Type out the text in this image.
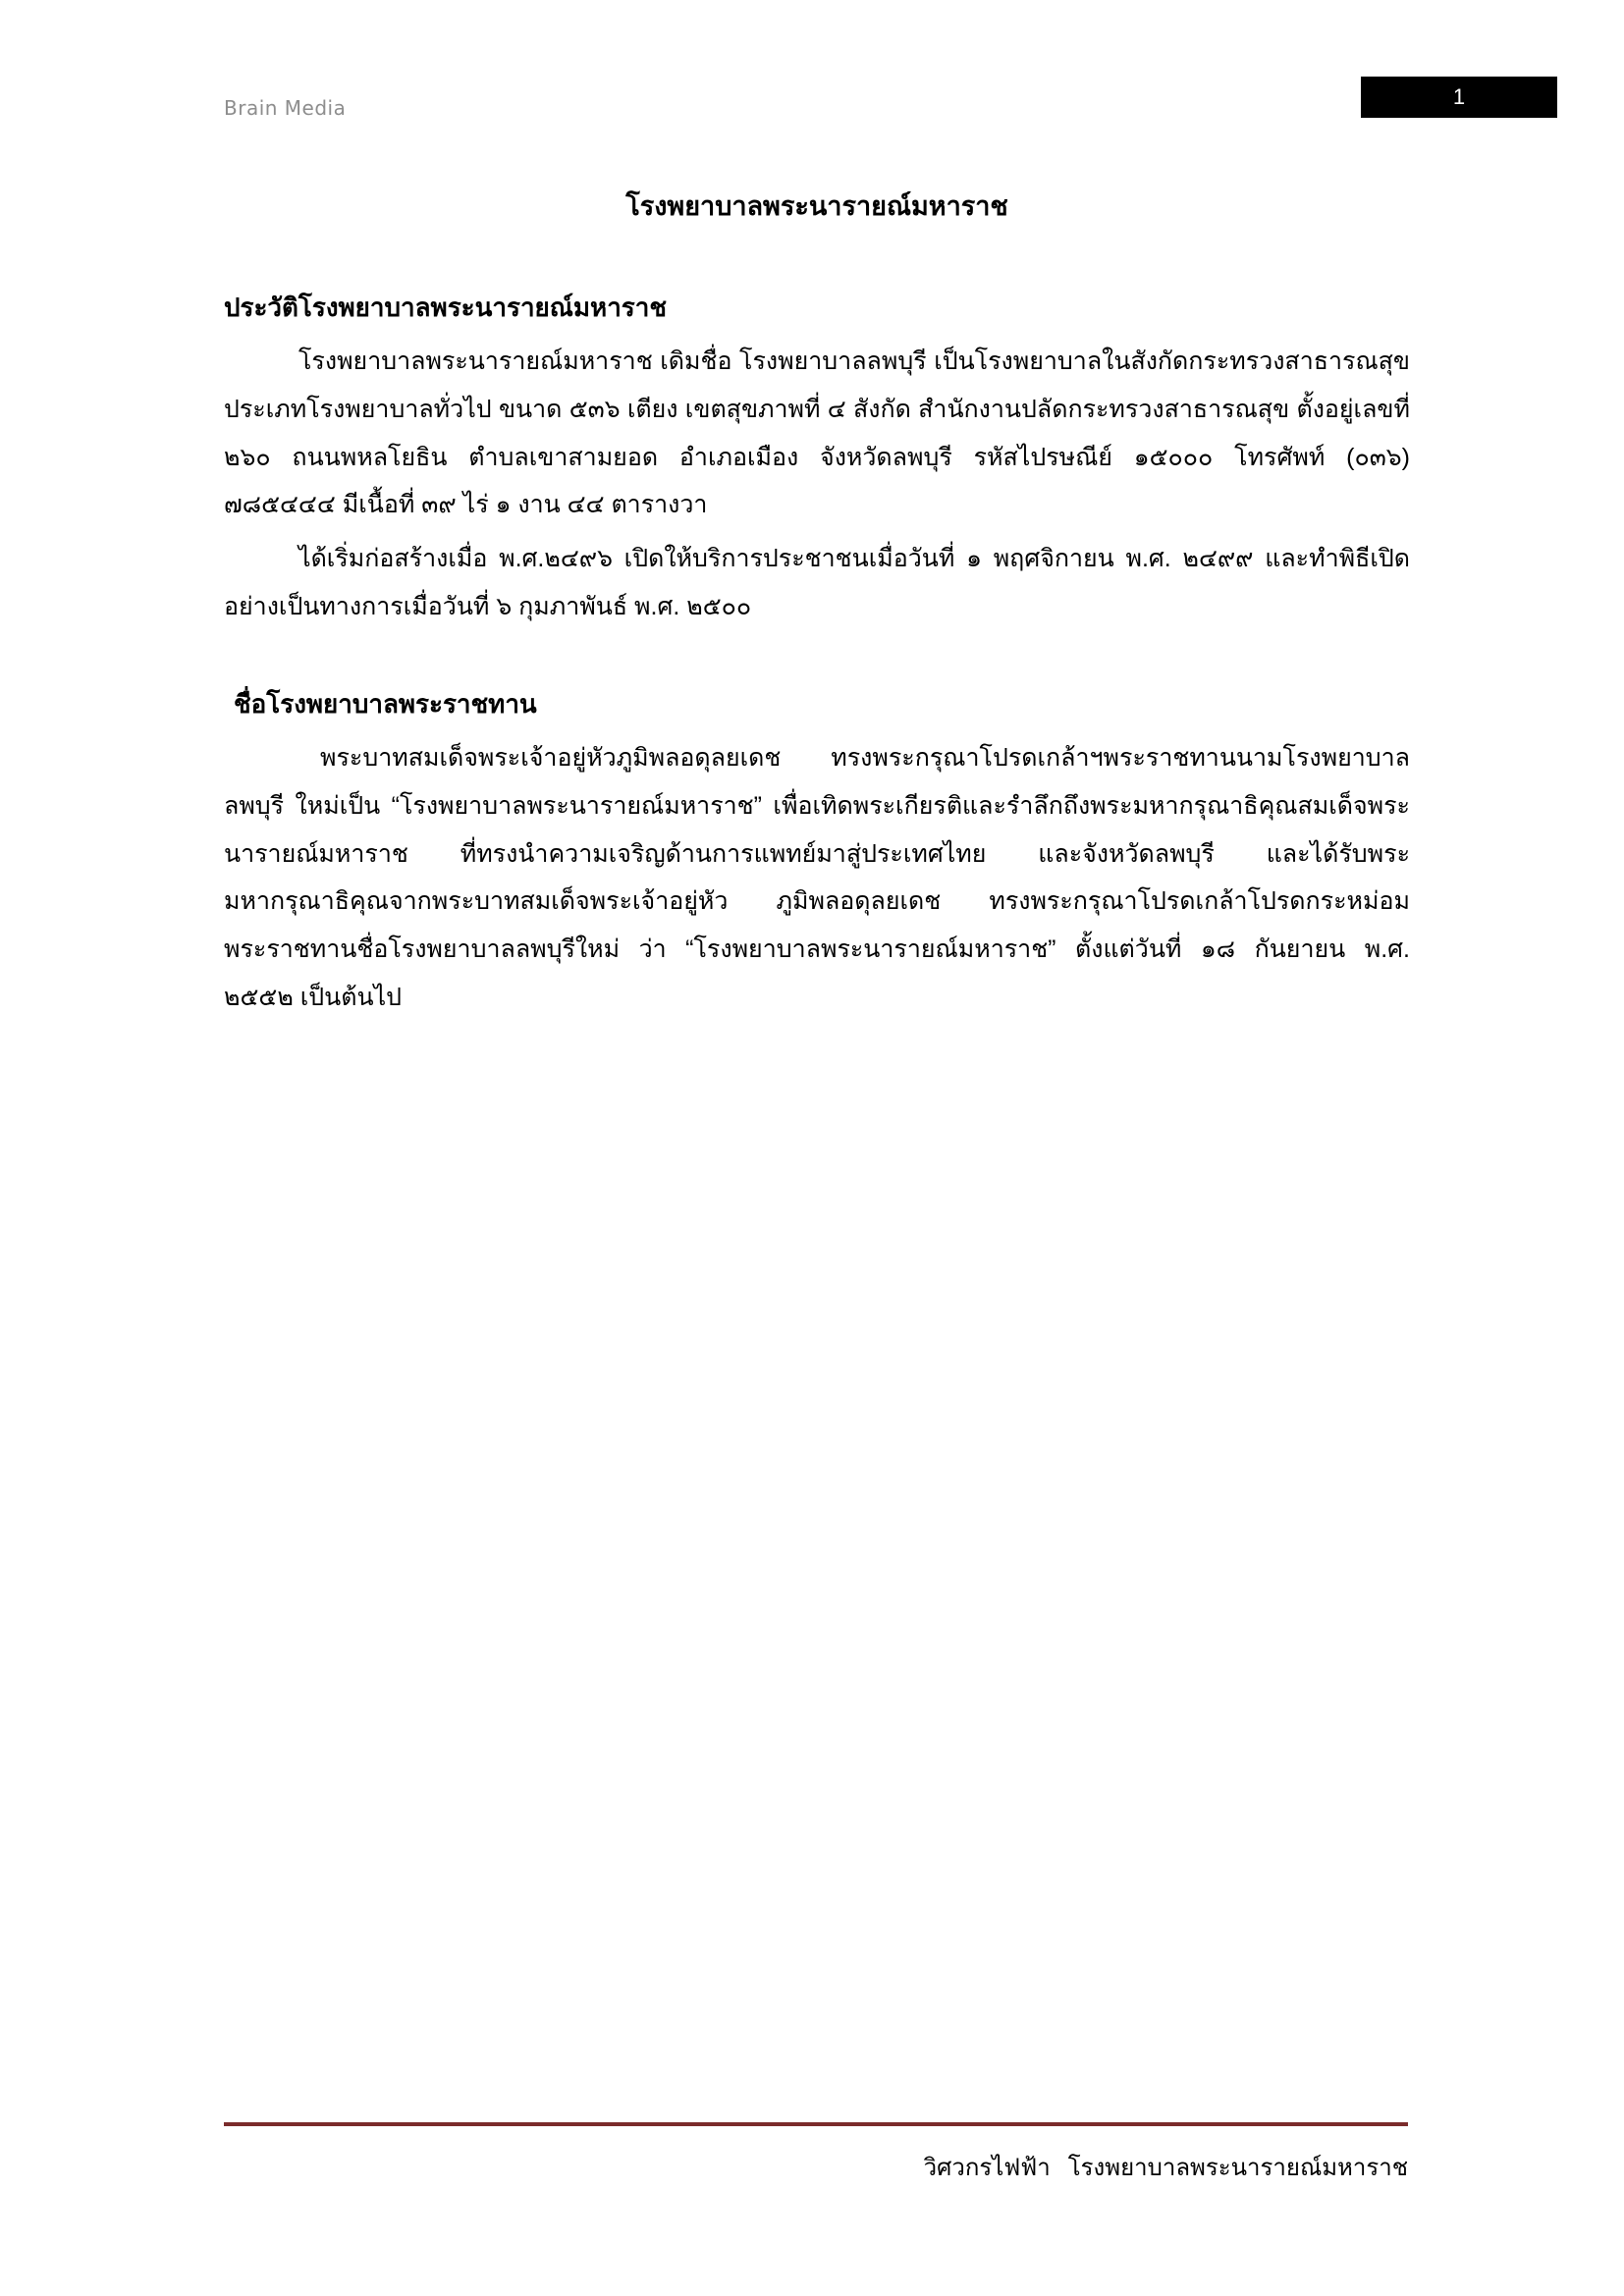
Brain Media	1
โรงพยาบาลพระนารายณ์มหาราช
ประวัติโรงพยาบาลพระนารายณ์มหาราช

โรงพยาบาลพระนารายณ์มหาราช เดิมชื่อ โรงพยาบาลลพบุรี เป็นโรงพยาบาลในสังกัดกระทรวงสาธารณสุขประเภทโรงพยาบาลทั่วไป ขนาด ๕๓๖ เตียง เขตสุขภาพที่ ๔ สังกัด สำนักงานปลัดกระทรวงสาธารณสุข ตั้งอยู่เลขที่ ๒๖๐ ถนนพหลโยธิน ตำบลเขาสามยอด อำเภอเมือง จังหวัดลพบุรี รหัสไปรษณีย์ ๑๕๐๐๐ โทรศัพท์ (๐๓๖) ๗๘๕๔๔๔ มีเนื้อที่ ๓๙ ไร่ ๑ งาน ๔๔ ตารางวา

ได้เริ่มก่อสร้างเมื่อ พ.ศ.๒๔๙๖ เปิดให้บริการประชาชนเมื่อวันที่ ๑ พฤศจิกายน พ.ศ. ๒๔๙๙ และทำพิธีเปิดอย่างเป็นทางการเมื่อวันที่ ๖ กุมภาพันธ์ พ.ศ. ๒๕๐๐

ชื่อโรงพยาบาลพระราชทาน

พระบาทสมเด็จพระเจ้าอยู่หัวภูมิพลอดุลยเดช ทรงพระกรุณาโปรดเกล้าฯพระราชทานนามโรงพยาบาลลพบุรี ใหม่เป็น “โรงพยาบาลพระนารายณ์มหาราช” เพื่อเทิดพระเกียรติและรำลึกถึงพระมหากรุณาธิคุณสมเด็จพระนารายณ์มหาราช ที่ทรงนำความเจริญด้านการแพทย์มาสู่ประเทศไทย และจังหวัดลพบุรี และได้รับพระมหากรุณาธิคุณจากพระบาทสมเด็จพระเจ้าอยู่หัว ภูมิพลอดุลยเดช ทรงพระกรุณาโปรดเกล้าโปรดกระหม่อมพระราชทานชื่อโรงพยาบาลลพบุรีใหม่ ว่า “โรงพยาบาลพระนารายณ์มหาราช” ตั้งแต่วันที่ ๑๘ กันยายน พ.ศ. ๒๕๕๒ เป็นต้นไป

วิศวกรไฟฟ้า โรงพยาบาลพระนารายณ์มหาราช
